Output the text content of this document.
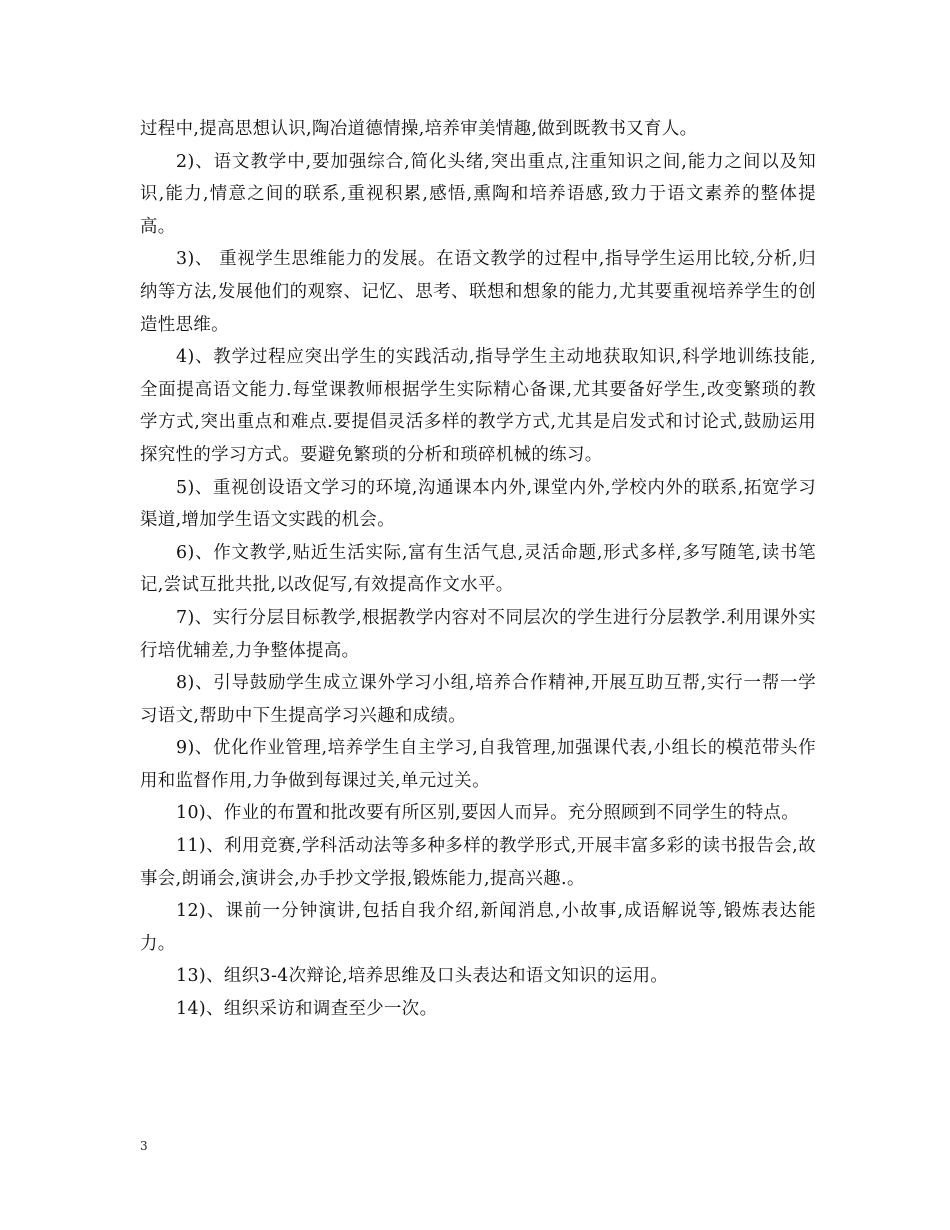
过程中,提高思想认识,陶冶道德情操,培养审美情趣,做到既教书又育人。

2)、语文教学中,要加强综合,简化头绪,突出重点,注重知识之间,能力之间以及知识,能力,情意之间的联系,重视积累,感悟,熏陶和培养语感,致力于语文素养的整体提高。

3)、 重视学生思维能力的发展。在语文教学的过程中,指导学生运用比较,分析,归纳等方法,发展他们的观察、记忆、思考、联想和想象的能力,尤其要重视培养学生的创造性思维。

4)、教学过程应突出学生的实践活动,指导学生主动地获取知识,科学地训练技能,全面提高语文能力.每堂课教师根据学生实际精心备课,尤其要备好学生,改变繁琐的教学方式,突出重点和难点.要提倡灵活多样的教学方式,尤其是启发式和讨论式,鼓励运用探究性的学习方式。要避免繁琐的分析和琐碎机械的练习。

5)、重视创设语文学习的环境,沟通课本内外,课堂内外,学校内外的联系,拓宽学习渠道,增加学生语文实践的机会。

6)、作文教学,贴近生活实际,富有生活气息,灵活命题,形式多样,多写随笔,读书笔记,尝试互批共批,以改促写,有效提高作文水平。

7)、实行分层目标教学,根据教学内容对不同层次的学生进行分层教学.利用课外实行培优辅差,力争整体提高。

8)、引导鼓励学生成立课外学习小组,培养合作精神,开展互助互帮,实行一帮一学习语文,帮助中下生提高学习兴趣和成绩。

9)、优化作业管理,培养学生自主学习,自我管理,加强课代表,小组长的模范带头作用和监督作用,力争做到每课过关,单元过关。

10)、作业的布置和批改要有所区别,要因人而异。充分照顾到不同学生的特点。

11)、利用竞赛,学科活动法等多种多样的教学形式,开展丰富多彩的读书报告会,故事会,朗诵会,演讲会,办手抄文学报,锻炼能力,提高兴趣.。

12)、课前一分钟演讲,包括自我介绍,新闻消息,小故事,成语解说等,锻炼表达能力。

13)、组织3-4次辩论,培养思维及口头表达和语文知识的运用。

14)、组织采访和调查至少一次。

3
